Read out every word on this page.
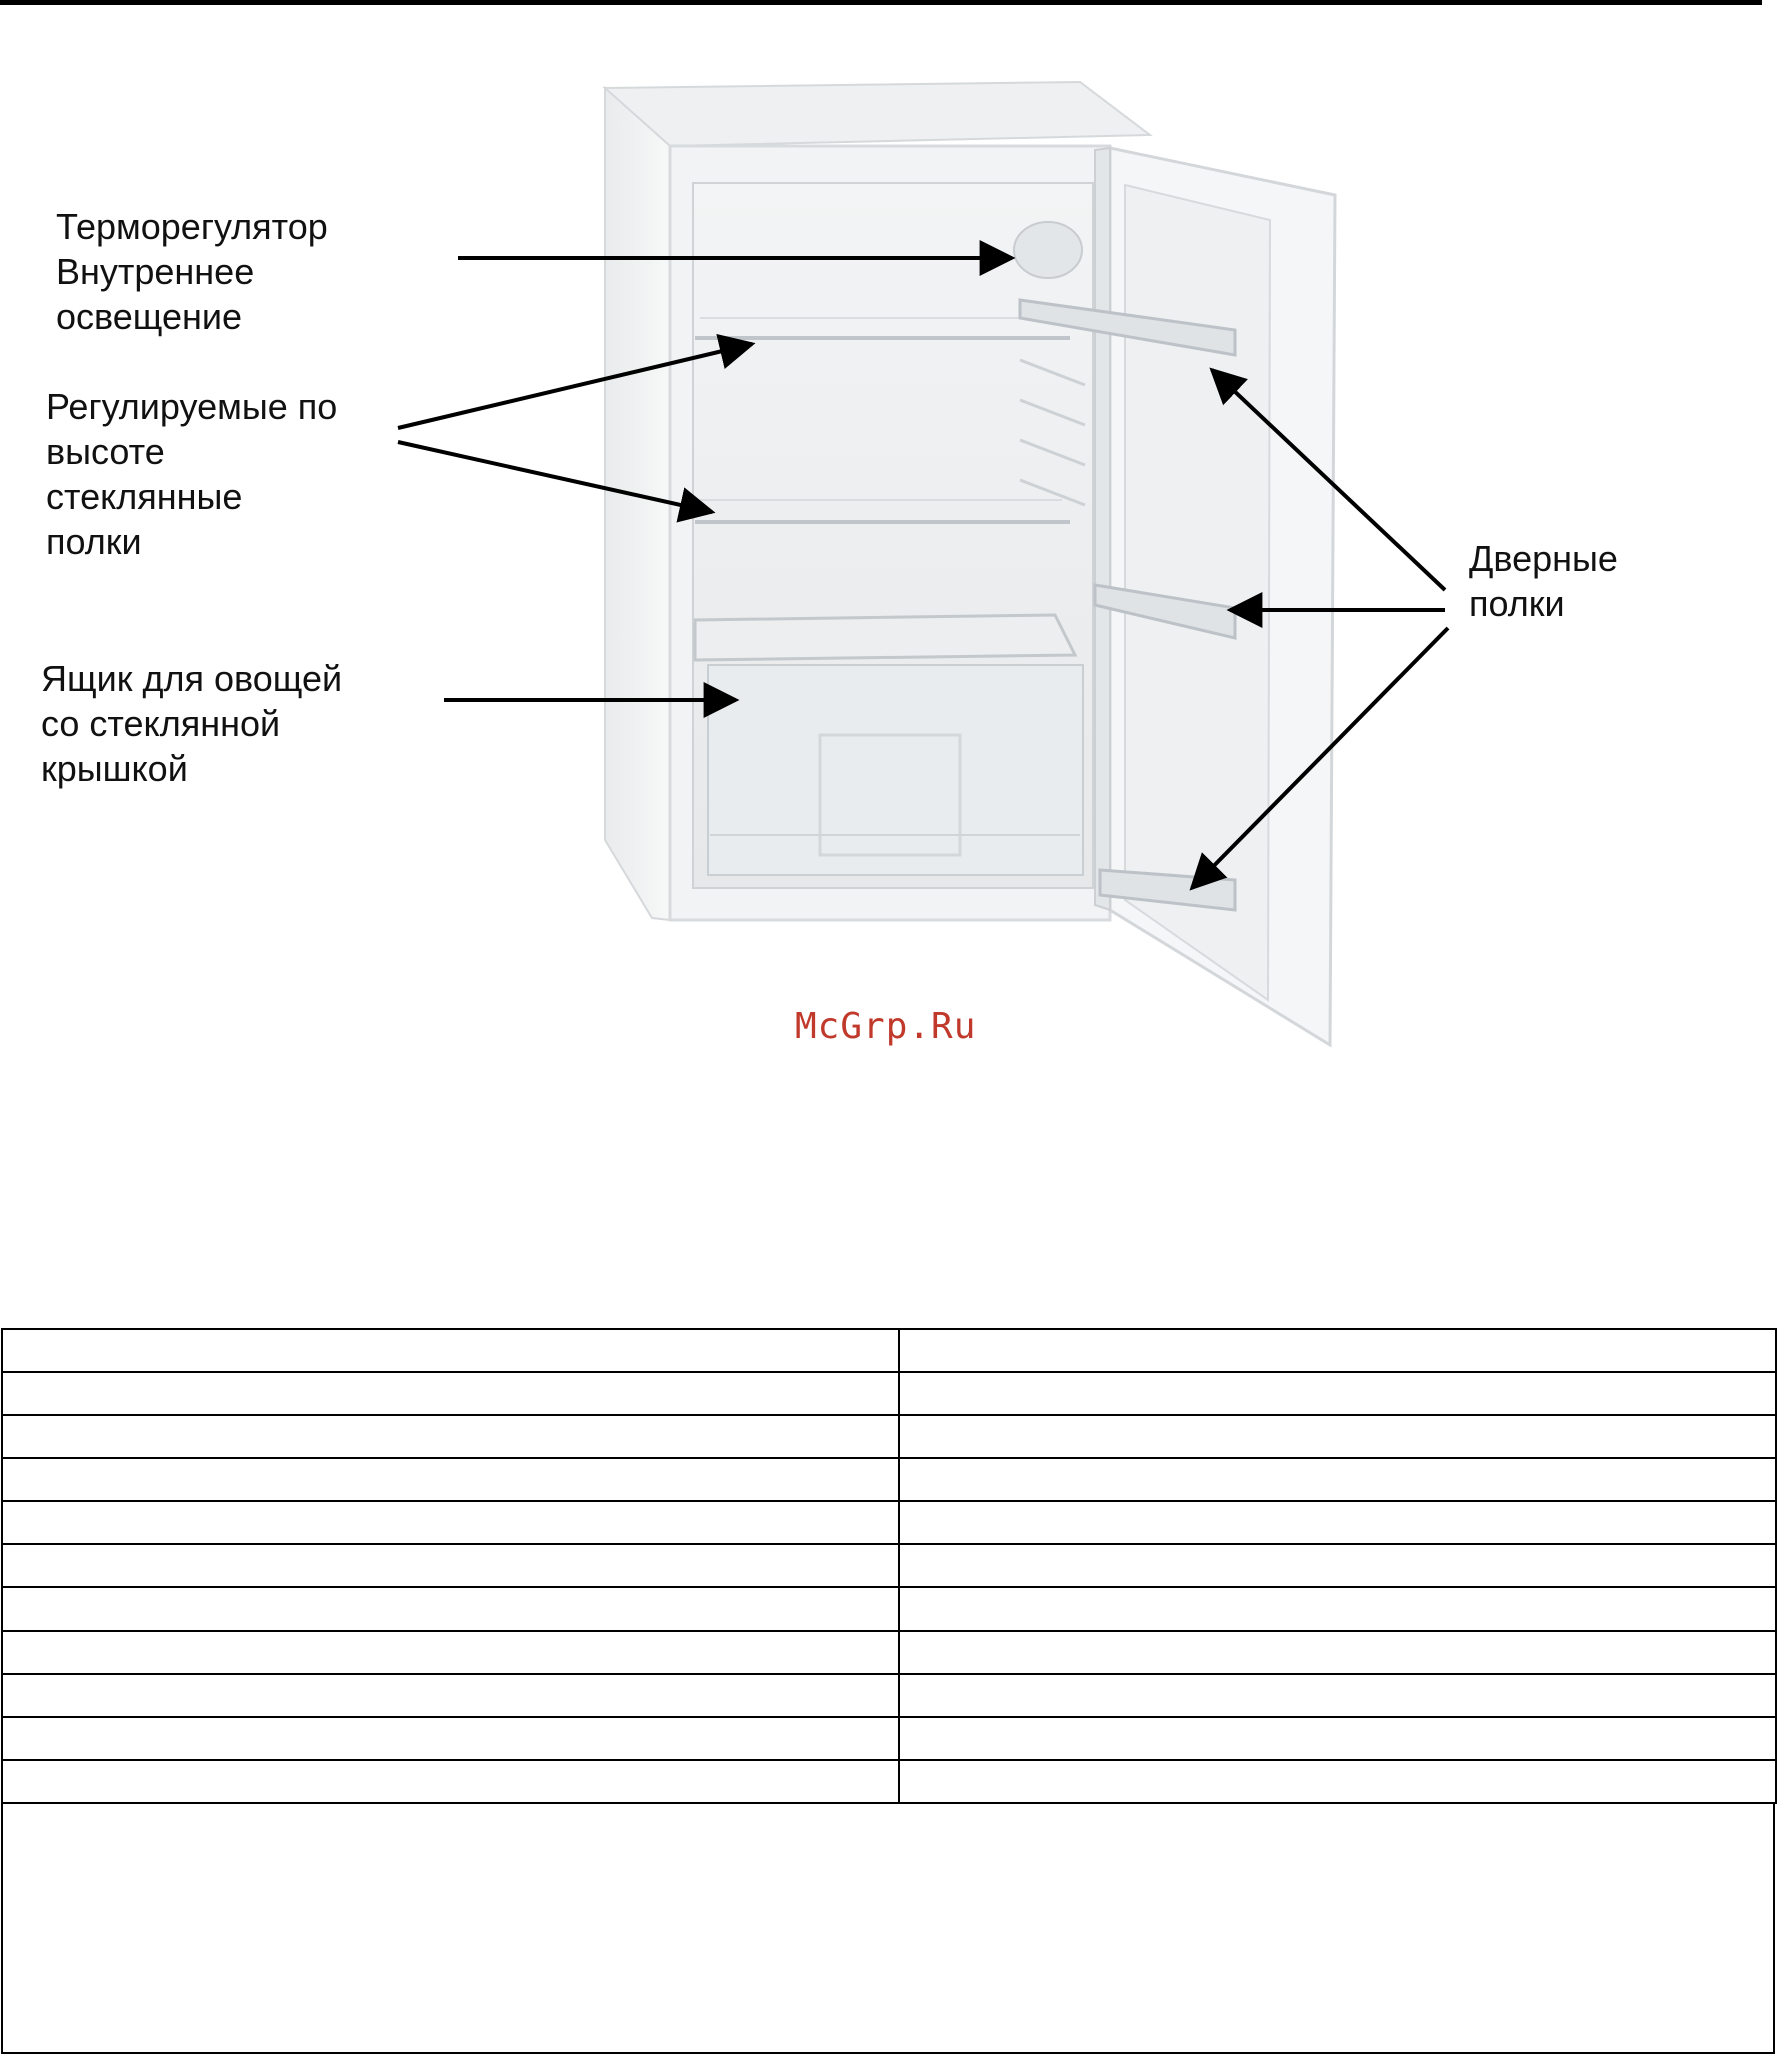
Терморегулятор
Внутреннее
освещение
Регулируемые по
высоте
стеклянные
полки
Ящик для овощей
со стеклянной
крышкой
Дверные
полки
McGrp.Ru
